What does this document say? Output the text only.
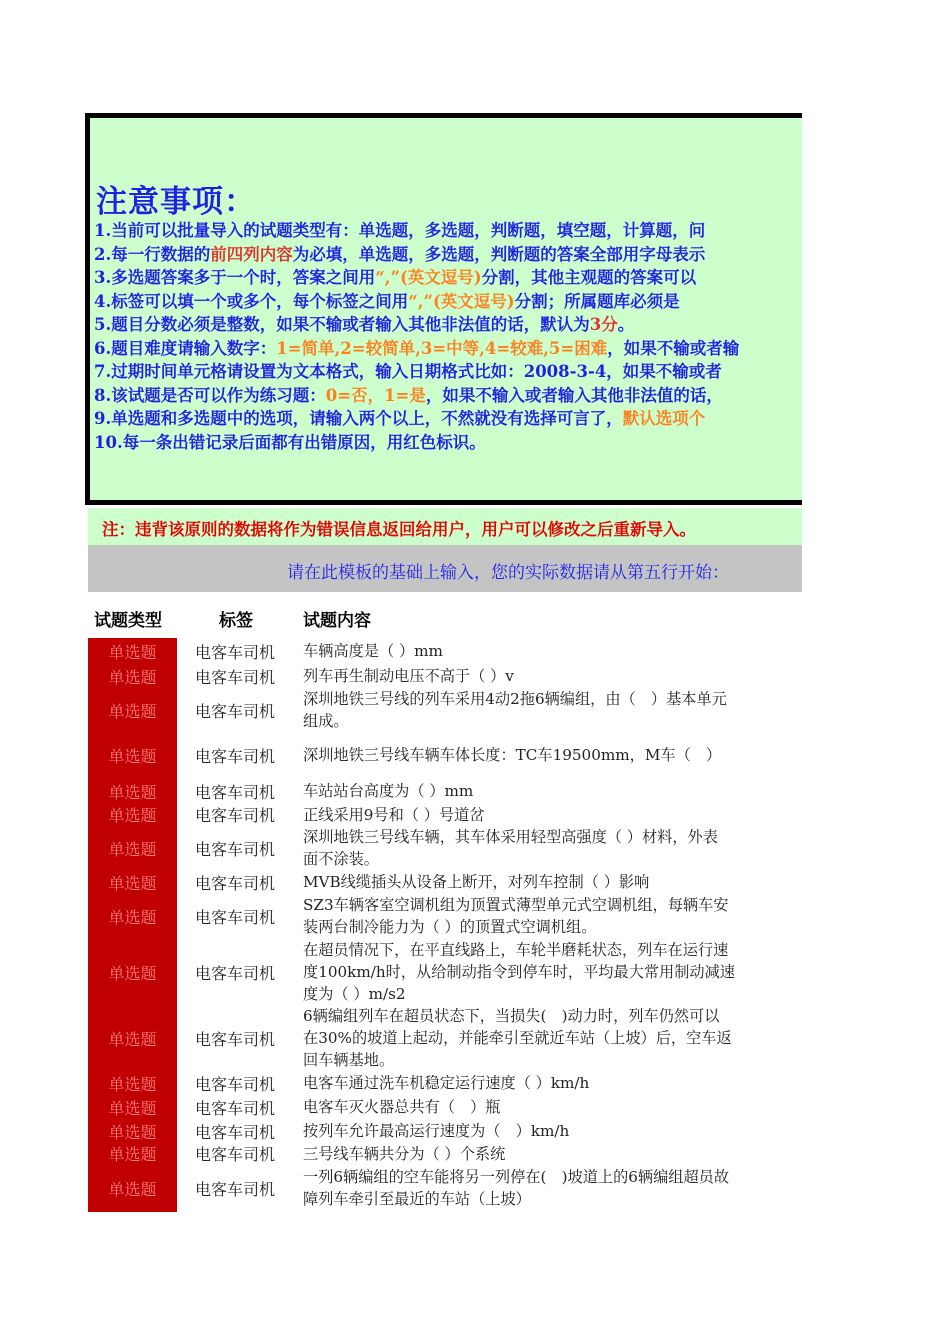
注意事项：
1.当前可以批量导入的试题类型有：单选题，多选题，判断题，填空题，计算题，问
2.每一行数据的前四列内容为必填，单选题，多选题，判断题的答案全部用字母表示
3.多选题答案多于一个时，答案之间用“,”(英文逗号)分割，其他主观题的答案可以
4.标签可以填一个或多个，每个标签之间用“,”(英文逗号)分割；所属题库必须是
5.题目分数必须是整数，如果不输或者输入其他非法值的话，默认为3分。
6.题目难度请输入数字：1=简单,2=较简单,3=中等,4=较难,5=困难，如果不输或者输
7.过期时间单元格请设置为文本格式，输入日期格式比如：2008-3-4，如果不输或者
8.该试题是否可以作为练习题：0=否，1=是，如果不输入或者输入其他非法值的话，
9.单选题和多选题中的选项，请输入两个以上，不然就没有选择可言了，默认选项个
10.每一条出错记录后面都有出错原因，用红色标识。
注：违背该原则的数据将作为错误信息返回给用户，用户可以修改之后重新导入。
请在此模板的基础上输入，您的实际数据请从第五行开始：
试题类型	标签	试题内容
单选题	电客车司机 车辆高度是（ ）mm
单选题	电客车司机 列车再生制动电压不高于（ ）v
单选题	电客车司机
深圳地铁三号线的列车采用4动2拖6辆编组，由（　）基本单元
组成。
单选题	电客车司机 深圳地铁三号线车辆车体长度：TC车19500mm，M车（　）
单选题	电客车司机 车站站台高度为（ ）mm
单选题	电客车司机 正线采用9号和（ ）号道岔
单选题	电客车司机
深圳地铁三号线车辆，其车体采用轻型高强度（ ）材料，外表
面不涂装。
单选题	电客车司机 MVB线缆插头从设备上断开，对列车控制（ ）影响
单选题	电客车司机
SZ3车辆客室空调机组为顶置式薄型单元式空调机组，每辆车安
装两台制冷能力为（ ）的顶置式空调机组。
单选题	电客车司机
在超员情况下，在平直线路上，车轮半磨耗状态，列车在运行速
度100km/h时，从给制动指令到停车时，平均最大常用制动减速
度为（ ）m/s2
单选题	电客车司机
6辆编组列车在超员状态下，当损失(　)动力时，列车仍然可以
在30%的坡道上起动，并能牵引至就近车站（上坡）后，空车返
回车辆基地。
单选题	电客车司机 电客车通过洗车机稳定运行速度（ ）km/h
单选题	电客车司机 电客车灭火器总共有（　）瓶
单选题	电客车司机 按列车允许最高运行速度为（　）km/h
单选题	电客车司机 三号线车辆共分为（ ）个系统
单选题	电客车司机
一列6辆编组的空车能将另一列停在(　)坡道上的6辆编组超员故
障列车牵引至最近的车站（上坡）
